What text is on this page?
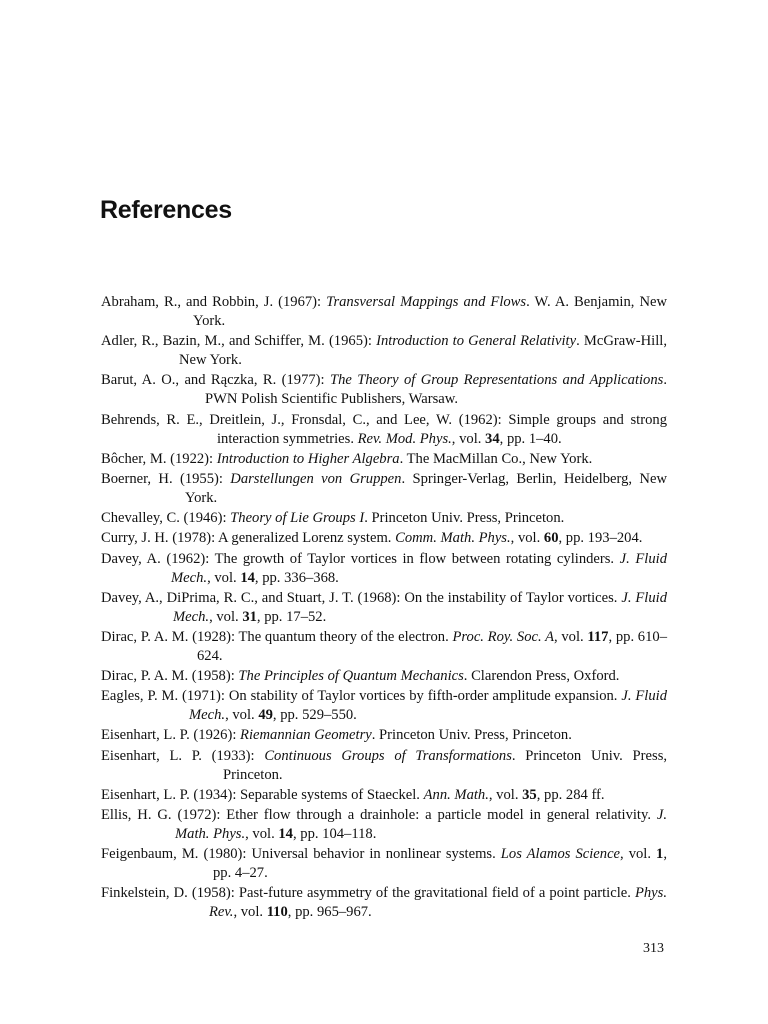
References
Abraham, R., and Robbin, J. (1967): Transversal Mappings and Flows. W. A. Benjamin, New York.
Adler, R., Bazin, M., and Schiffer, M. (1965): Introduction to General Relativity. McGraw-Hill, New York.
Barut, A. O., and Rączka, R. (1977): The Theory of Group Representations and Applications. PWN Polish Scientific Publishers, Warsaw.
Behrends, R. E., Dreitlein, J., Fronsdal, C., and Lee, W. (1962): Simple groups and strong interaction symmetries. Rev. Mod. Phys., vol. 34, pp. 1–40.
Bôcher, M. (1922): Introduction to Higher Algebra. The MacMillan Co., New York.
Boerner, H. (1955): Darstellungen von Gruppen. Springer-Verlag, Berlin, Heidelberg, New York.
Chevalley, C. (1946): Theory of Lie Groups I. Princeton Univ. Press, Princeton.
Curry, J. H. (1978): A generalized Lorenz system. Comm. Math. Phys., vol. 60, pp. 193–204.
Davey, A. (1962): The growth of Taylor vortices in flow between rotating cylinders. J. Fluid Mech., vol. 14, pp. 336–368.
Davey, A., DiPrima, R. C., and Stuart, J. T. (1968): On the instability of Taylor vortices. J. Fluid Mech., vol. 31, pp. 17–52.
Dirac, P. A. M. (1928): The quantum theory of the electron. Proc. Roy. Soc. A, vol. 117, pp. 610–624.
Dirac, P. A. M. (1958): The Principles of Quantum Mechanics. Clarendon Press, Oxford.
Eagles, P. M. (1971): On stability of Taylor vortices by fifth-order amplitude expansion. J. Fluid Mech., vol. 49, pp. 529–550.
Eisenhart, L. P. (1926): Riemannian Geometry. Princeton Univ. Press, Princeton.
Eisenhart, L. P. (1933): Continuous Groups of Transformations. Princeton Univ. Press, Princeton.
Eisenhart, L. P. (1934): Separable systems of Staeckel. Ann. Math., vol. 35, pp. 284 ff.
Ellis, H. G. (1972): Ether flow through a drainhole: a particle model in general relativity. J. Math. Phys., vol. 14, pp. 104–118.
Feigenbaum, M. (1980): Universal behavior in nonlinear systems. Los Alamos Science, vol. 1, pp. 4–27.
Finkelstein, D. (1958): Past-future asymmetry of the gravitational field of a point particle. Phys. Rev., vol. 110, pp. 965–967.
313
